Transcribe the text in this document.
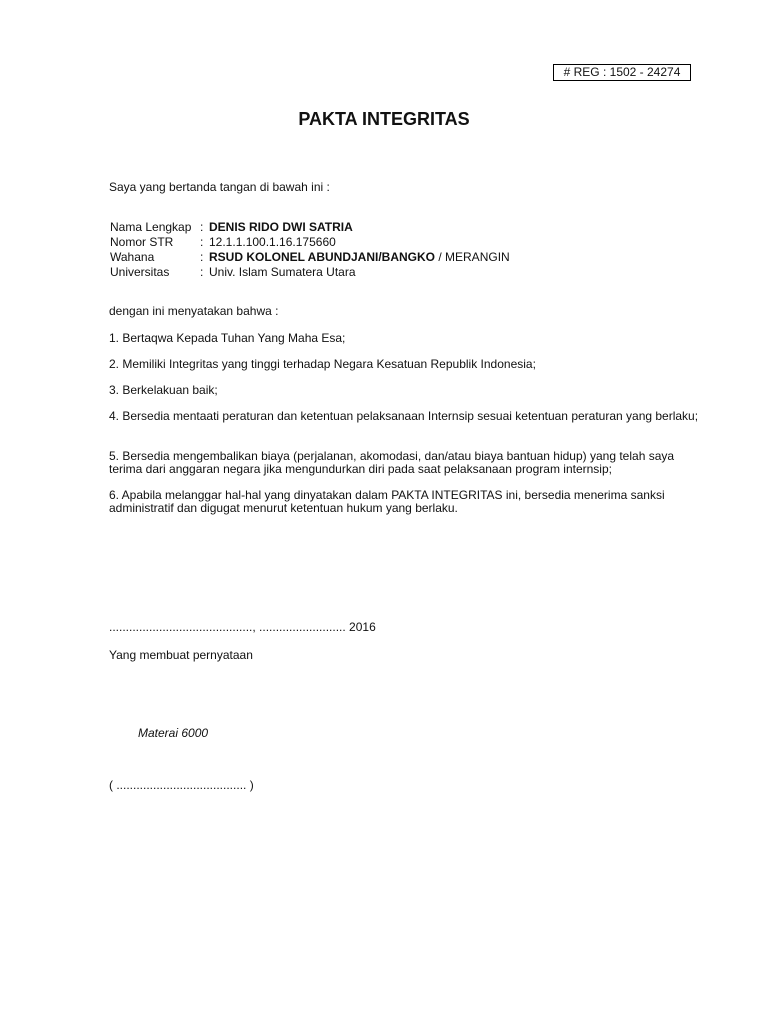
# REG : 1502 - 24274
PAKTA INTEGRITAS
Saya yang bertanda tangan di bawah ini :
Nama Lengkap : DENIS RIDO DWI SATRIA
Nomor STR : 12.1.1.100.1.16.175660
Wahana	: RSUD KOLONEL ABUNDJANI/BANGKO / MERANGIN
Universitas	: Univ. Islam Sumatera Utara
dengan ini menyatakan bahwa :
1. Bertaqwa Kepada Tuhan Yang Maha Esa;
2. Memiliki Integritas yang tinggi terhadap Negara Kesatuan Republik Indonesia;
3. Berkelakuan baik;
4. Bersedia mentaati peraturan dan ketentuan pelaksanaan Internsip sesuai ketentuan peraturan yang berlaku;
5. Bersedia mengembalikan biaya (perjalanan, akomodasi, dan/atau biaya bantuan hidup) yang telah saya terima dari anggaran negara jika mengundurkan diri pada saat pelaksanaan program internsip;
6. Apabila melanggar hal-hal yang dinyatakan dalam PAKTA INTEGRITAS ini, bersedia menerima sanksi administratif dan digugat menurut ketentuan hukum yang berlaku.
..........................................., .......................... 2016
Yang membuat pernyataan
Materai 6000
( ....................................... )
